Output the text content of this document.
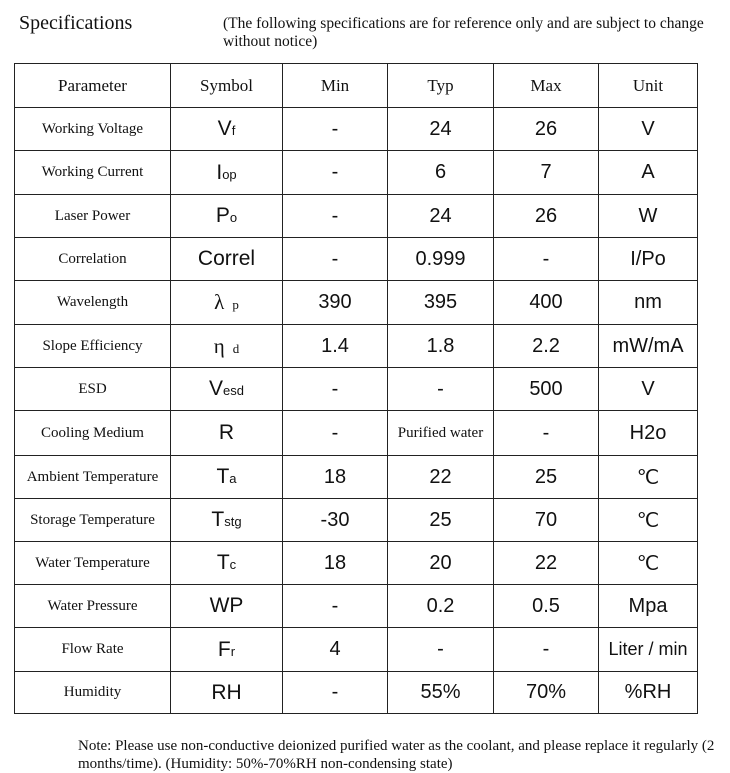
Specifications	(The following specifications are for reference only and are subject to change without notice)
Parameter	Symbol	Min	Typ	Max	Unit
Working Voltage	Vf	-	24	26	V
Working Current	Iop	-	6	7	A
Laser Power	Po	-	24	26	W
Correlation	Correl	-	0.999	-	I/Po
Wavelength	λ p	390	395	400	nm
Slope Efficiency	η d	1.4	1.8	2.2	mW/mA
ESD	Vesd	-	-	500	V
Cooling Medium	R	-	Purified water	-	H2o
Ambient Temperature	Ta	18	22	25	℃
Storage Temperature	Tstg	-30	25	70	℃
Water Temperature	Tc	18	20	22	℃
Water Pressure	WP	-	0.2	0.5	Mpa
Flow Rate	Fr	4	-	-	Liter / min
Humidity	RH	-	55%	70%	%RH
Note: Please use non-conductive deionized purified water as the coolant, and please replace it regularly (2 months/time). (Humidity: 50%-70%RH non-condensing state)
